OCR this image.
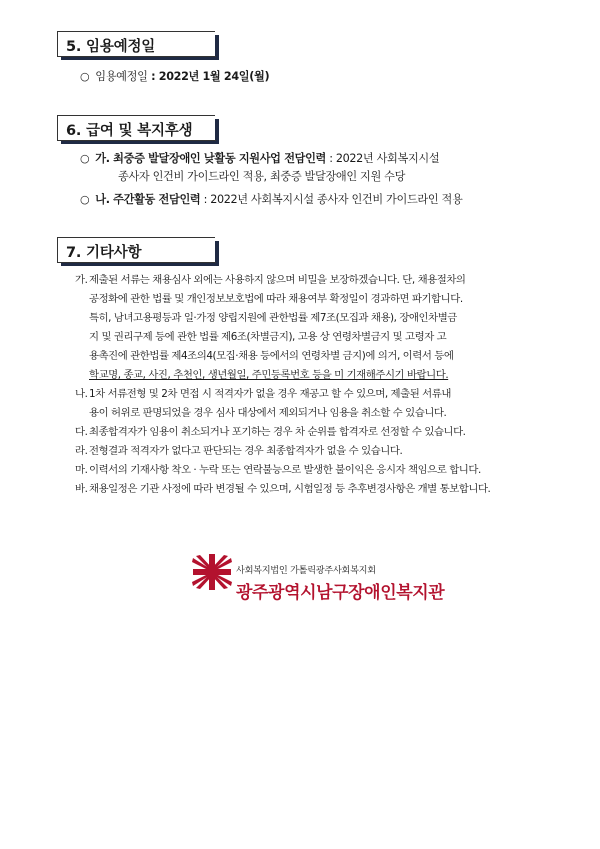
5. 임용예정일
○ 임용예정일 : 2022년 1월 24일(월)
6. 급여 및 복지후생
○ 가. 최중증 발달장애인 낮활동 지원사업 전담인력 : 2022년 사회복지시설
종사자 인건비 가이드라인 적용, 최중증 발달장애인 지원 수당
○ 나. 주간활동 전담인력 : 2022년 사회복지시설 종사자 인건비 가이드라인 적용
7. 기타사항
가. 제출된 서류는 채용심사 외에는 사용하지 않으며 비밀을 보장하겠습니다. 단, 채용절차의
공정화에 관한 법률 및 개인정보보호법에 따라 채용여부 확정일이 경과하면 파기합니다.
특히, 남녀고용평등과 일·가정 양립지원에 관한법률 제7조(모집과 채용), 장애인차별금
지 및 권리구제 등에 관한 법률 제6조(차별금지), 고용 상 연령차별금지 및 고령자 고
용촉진에 관한법률 제4조의4(모집·채용 등에서의 연령차별 금지)에 의거, 이력서 등에
학교명, 종교, 사진, 추천인, 생년월일, 주민등록번호 등을 미 기재해주시기 바랍니다.
나. 1차 서류전형 및 2차 면접 시 적격자가 없을 경우 재공고 할 수 있으며, 제출된 서류내
용이 허위로 판명되었을 경우 심사 대상에서 제외되거나 임용을 취소할 수 있습니다.
다. 최종합격자가 임용이 취소되거나 포기하는 경우 차 순위를 합격자로 선정할 수 있습니다.
라. 전형결과 적격자가 없다고 판단되는 경우 최종합격자가 없을 수 있습니다.
마. 이력서의 기재사항 착오 · 누락 또는 연락불능으로 발생한 불이익은 응시자 책임으로 합니다.
바. 채용일정은 기관 사정에 따라 변경될 수 있으며, 시험일정 등 추후변경사항은 개별 통보합니다.
사회복지법인 가톨릭광주사회복지회
광주광역시남구장애인복지관
